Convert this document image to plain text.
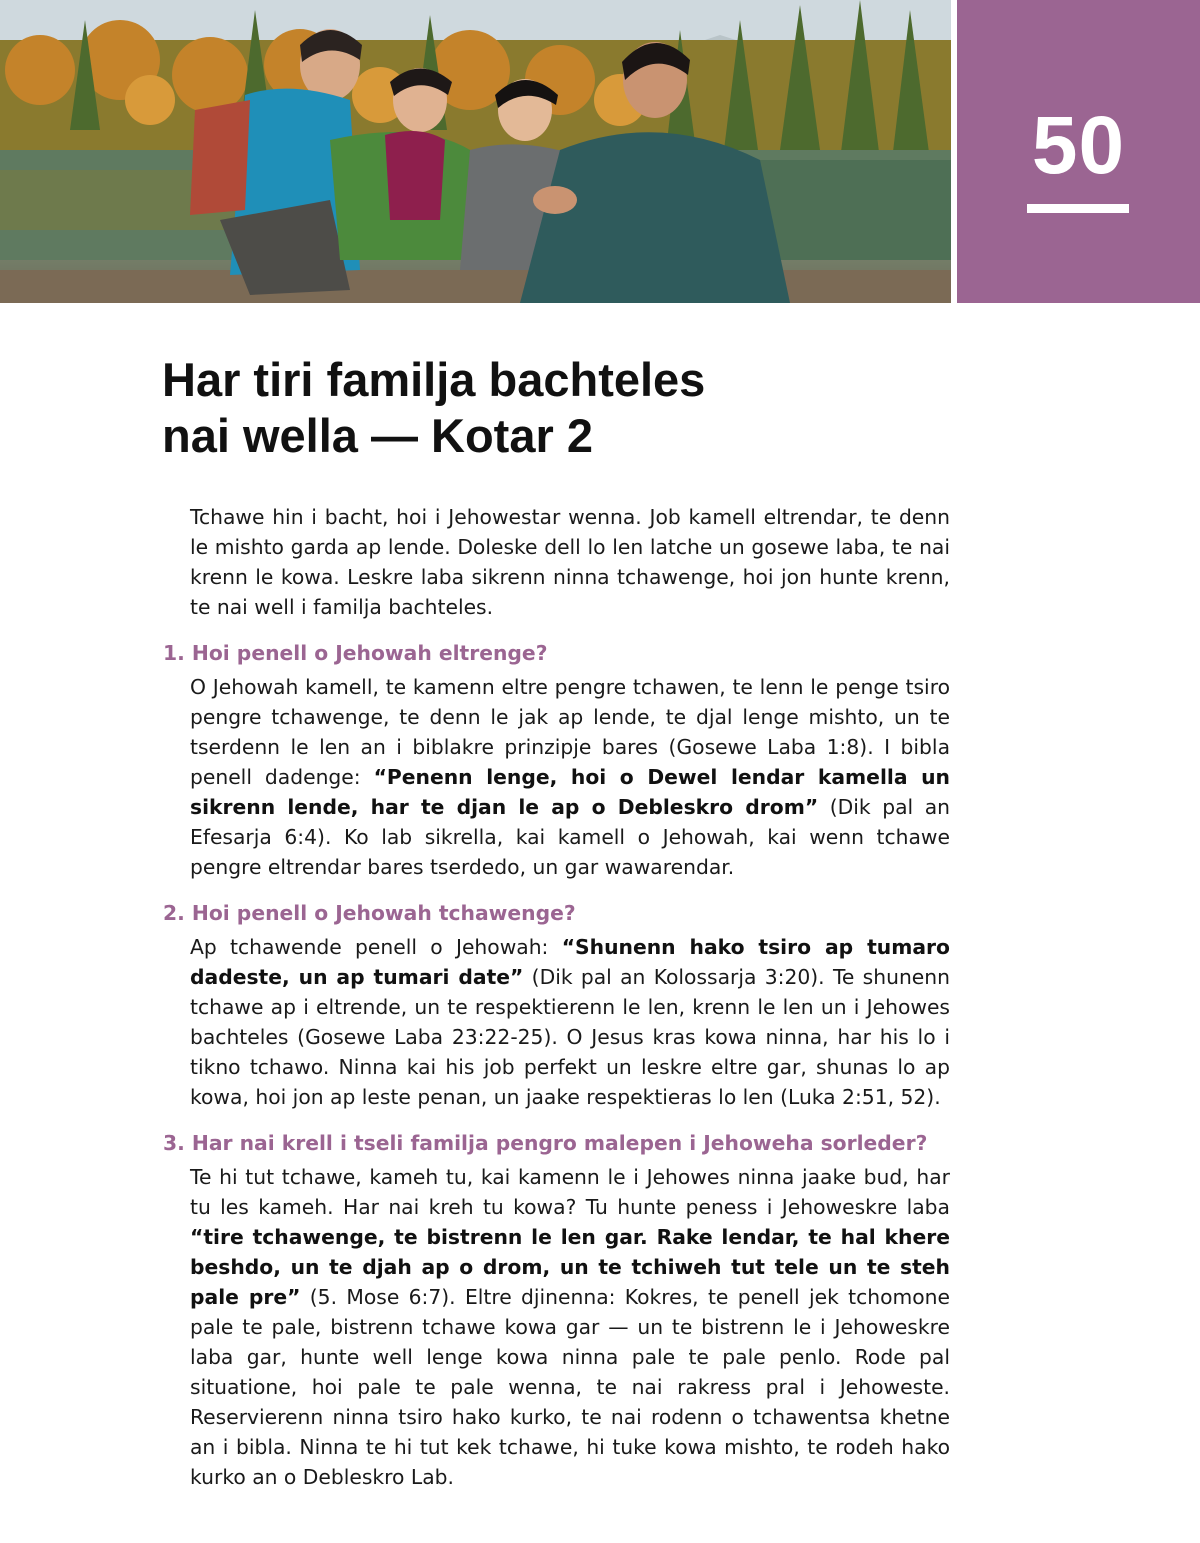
50
Har tiri familja bachteles
nai wella — Kotar 2

Tchawe hin i bacht, hoi i Jehowestar wenna. Job kamell eltrendar, te denn le mishto garda ap lende. Doleske dell lo len latche un gosewe laba, te nai krenn le kowa. Leskre laba sikrenn ninna tchawenge, hoi jon hunte krenn, te nai well i familja bachteles.

1. Hoi penell o Jehowah eltrenge?

O Jehowah kamell, te kamenn eltre pengre tchawen, te lenn le penge tsiro pengre tchawenge, te denn le jak ap lende, te djal lenge mishto, un te tserdenn le len an i biblakre prinzipje bares (Gosewe Laba 1:8). I bibla penell dadenge: “Penenn lenge, hoi o Dewel lendar kamella un sikrenn lende, har te djan le ap o Debleskro drom” (Dik pal an Efesarja 6:4). Ko lab sikrella, kai kamell o Jehowah, kai wenn tchawe pengre eltrendar bares tserdedo, un gar wawarendar.

2. Hoi penell o Jehowah tchawenge?

Ap tchawende penell o Jehowah: “Shunenn hako tsiro ap tumaro dadeste, un ap tumari date” (Dik pal an Kolossarja 3:20). Te shunenn tchawe ap i eltrende, un te respektierenn le len, krenn le len un i Jehowes bachteles (Gosewe Laba 23:22-25). O Jesus kras kowa ninna, har his lo i tikno tchawo. Ninna kai his job perfekt un leskre eltre gar, shunas lo ap kowa, hoi jon ap leste penan, un jaake respektieras lo len (Luka 2:51, 52).

3. Har nai krell i tseli familja pengro malepen i Jehoweha sorleder?

Te hi tut tchawe, kameh tu, kai kamenn le i Jehowes ninna jaake bud, har tu les kameh. Har nai kreh tu kowa? Tu hunte peness i Jehoweskre laba “tire tchawenge, te bistrenn le len gar. Rake lendar, te hal khere beshdo, un te djah ap o drom, un te tchiweh tut tele un te steh pale pre” (5. Mose 6:7). Eltre djinenna: Kokres, te penell jek tchomone pale te pale, bistrenn tchawe kowa gar — un te bistrenn le i Jehoweskre laba gar, hunte well lenge kowa ninna pale te pale penlo. Rode pal situatione, hoi pale te pale wenna, te nai rakress pral i Jehoweste. Reservierenn ninna tsiro hako kurko, te nai rodenn o tchawentsa khetne an i bibla. Ninna te hi tut kek tchawe, hi tuke kowa mishto, te rodeh hako kurko an o Debleskro Lab.
